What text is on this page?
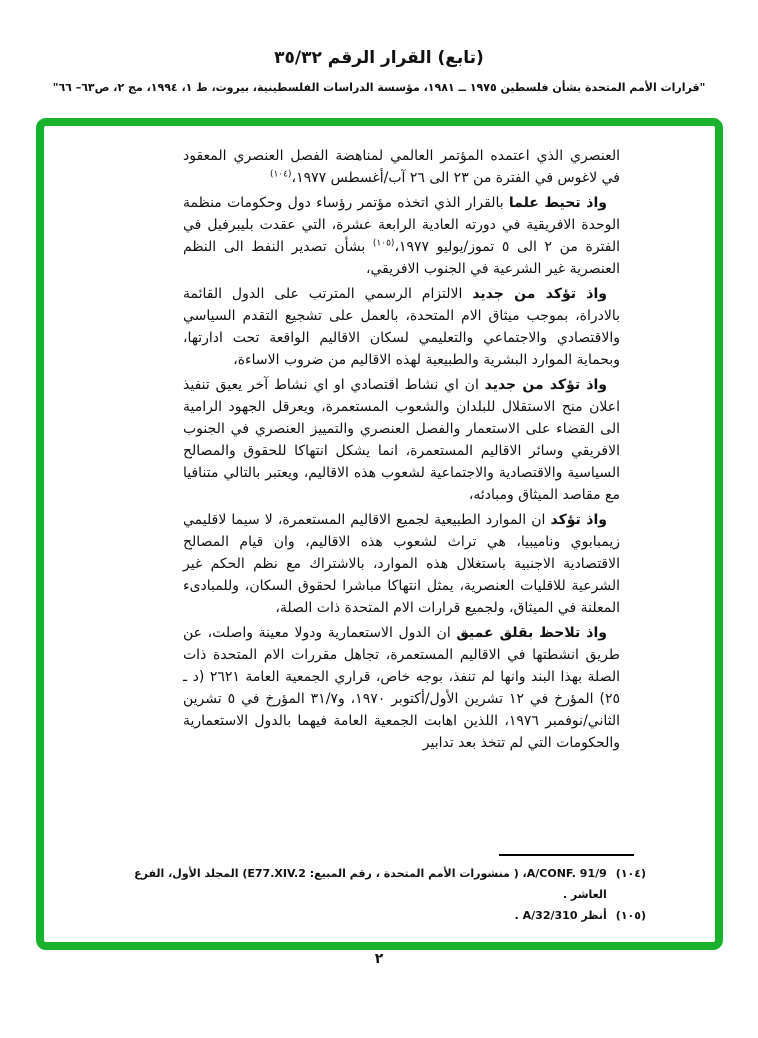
(تابع) القرار الرقم ٣٥/٣٢
"قرارات الأمم المتحدة بشأن فلسطين ١٩٧٥ ــ ١٩٨١، مؤسسة الدراسات الفلسطينية، بيروت، ط ١، ١٩٩٤، مج ٢، ص٦٣– ٦٦"

العنصري الذي اعتمده المؤتمر العالمي لمناهضة الفصل العنصري المعقود في لاغوس في الفترة من ٢٣ الى ٢٦ آب/أغسطس ١٩٧٧،$^{(١٠٤)}$

واذ تحيط علما بالقرار الذي اتخذه مؤتمر رؤساء دول وحكومات منظمة الوحدة الافريقية في دورته العادية الرابعة عشرة، التي عقدت بليبرفيل في الفترة من ٢ الى ٥ تموز/يوليو ١٩٧٧،$^{(١٠٥)}$ بشأن تصدير النفط الى النظم العنصرية غير الشرعية في الجنوب الافريقي،

واذ تؤكد من جديد الالتزام الرسمي المترتب على الدول القائمة بالادراة، بموجب ميثاق الام المتحدة، بالعمل على تشجيع التقدم السياسي والاقتصادي والاجتماعي والتعليمي لسكان الاقاليم الواقعة تحت ادارتها، وبحماية الموارد البشرية والطبيعية لهذه الاقاليم من ضروب الاساءة،

واذ تؤكد من جديد ان اي نشاط اقتصادي او اي نشاط آخر يعيق تنفيذ اعلان منح الاستقلال للبلدان والشعوب المستعمرة، ويعرقل الجهود الرامية الى القضاء على الاستعمار والفصل العنصري والتمييز العنصري في الجنوب الافريقي وسائر الاقاليم المستعمرة، انما يشكل انتهاكا للحقوق والمصالح السياسية والاقتصادية والاجتماعية لشعوب هذه الاقاليم، ويعتبر بالتالي متنافيا مع مقاصد الميثاق ومبادئه،

واذ تؤكد ان الموارد الطبيعية لجميع الاقاليم المستعمرة، لا سيما لاقليمي زيمبابوي وناميبيا، هي تراث لشعوب هذه الاقاليم، وان قيام المصالح الاقتصادية الاجنبية باستغلال هذه الموارد، بالاشتراك مع نظم الحكم غير الشرعية للاقليات العنصرية، يمثل انتهاكا مباشرا لحقوق السكان، وللمبادىء المعلنة في الميثاق، ولجميع قرارات الام المتحدة ذات الصلة،

واذ تلاحظ بقلق عميق ان الدول الاستعمارية ودولا معينة واصلت، عن طريق انشطتها في الاقاليم المستعمرة، تجاهل مقررات الام المتحدة ذات الصلة بهذا البند وانها لم تنفذ، بوجه خاص، قراري الجمعية العامة ٢٦٢١ (د ـ ٢٥) المؤرخ في ١٢ تشرين الأول/أكتوبر ١٩٧٠، و٣١/٧ المؤرخ في ٥ تشرين الثاني/نوفمبر ١٩٧٦، اللذين اهابت الجمعية العامة فيهما بالدول الاستعمارية والحكومات التي لم تتخذ بعد تدابير

(١٠٤)
A/CONF. 91/9، ( منشورات الأمم المتحدة ، رقم المبيع: E77.XIV.2) المجلد الأول، الفرع العاشر .
(١٠٥)
أنظر A/32/310 .
٢
